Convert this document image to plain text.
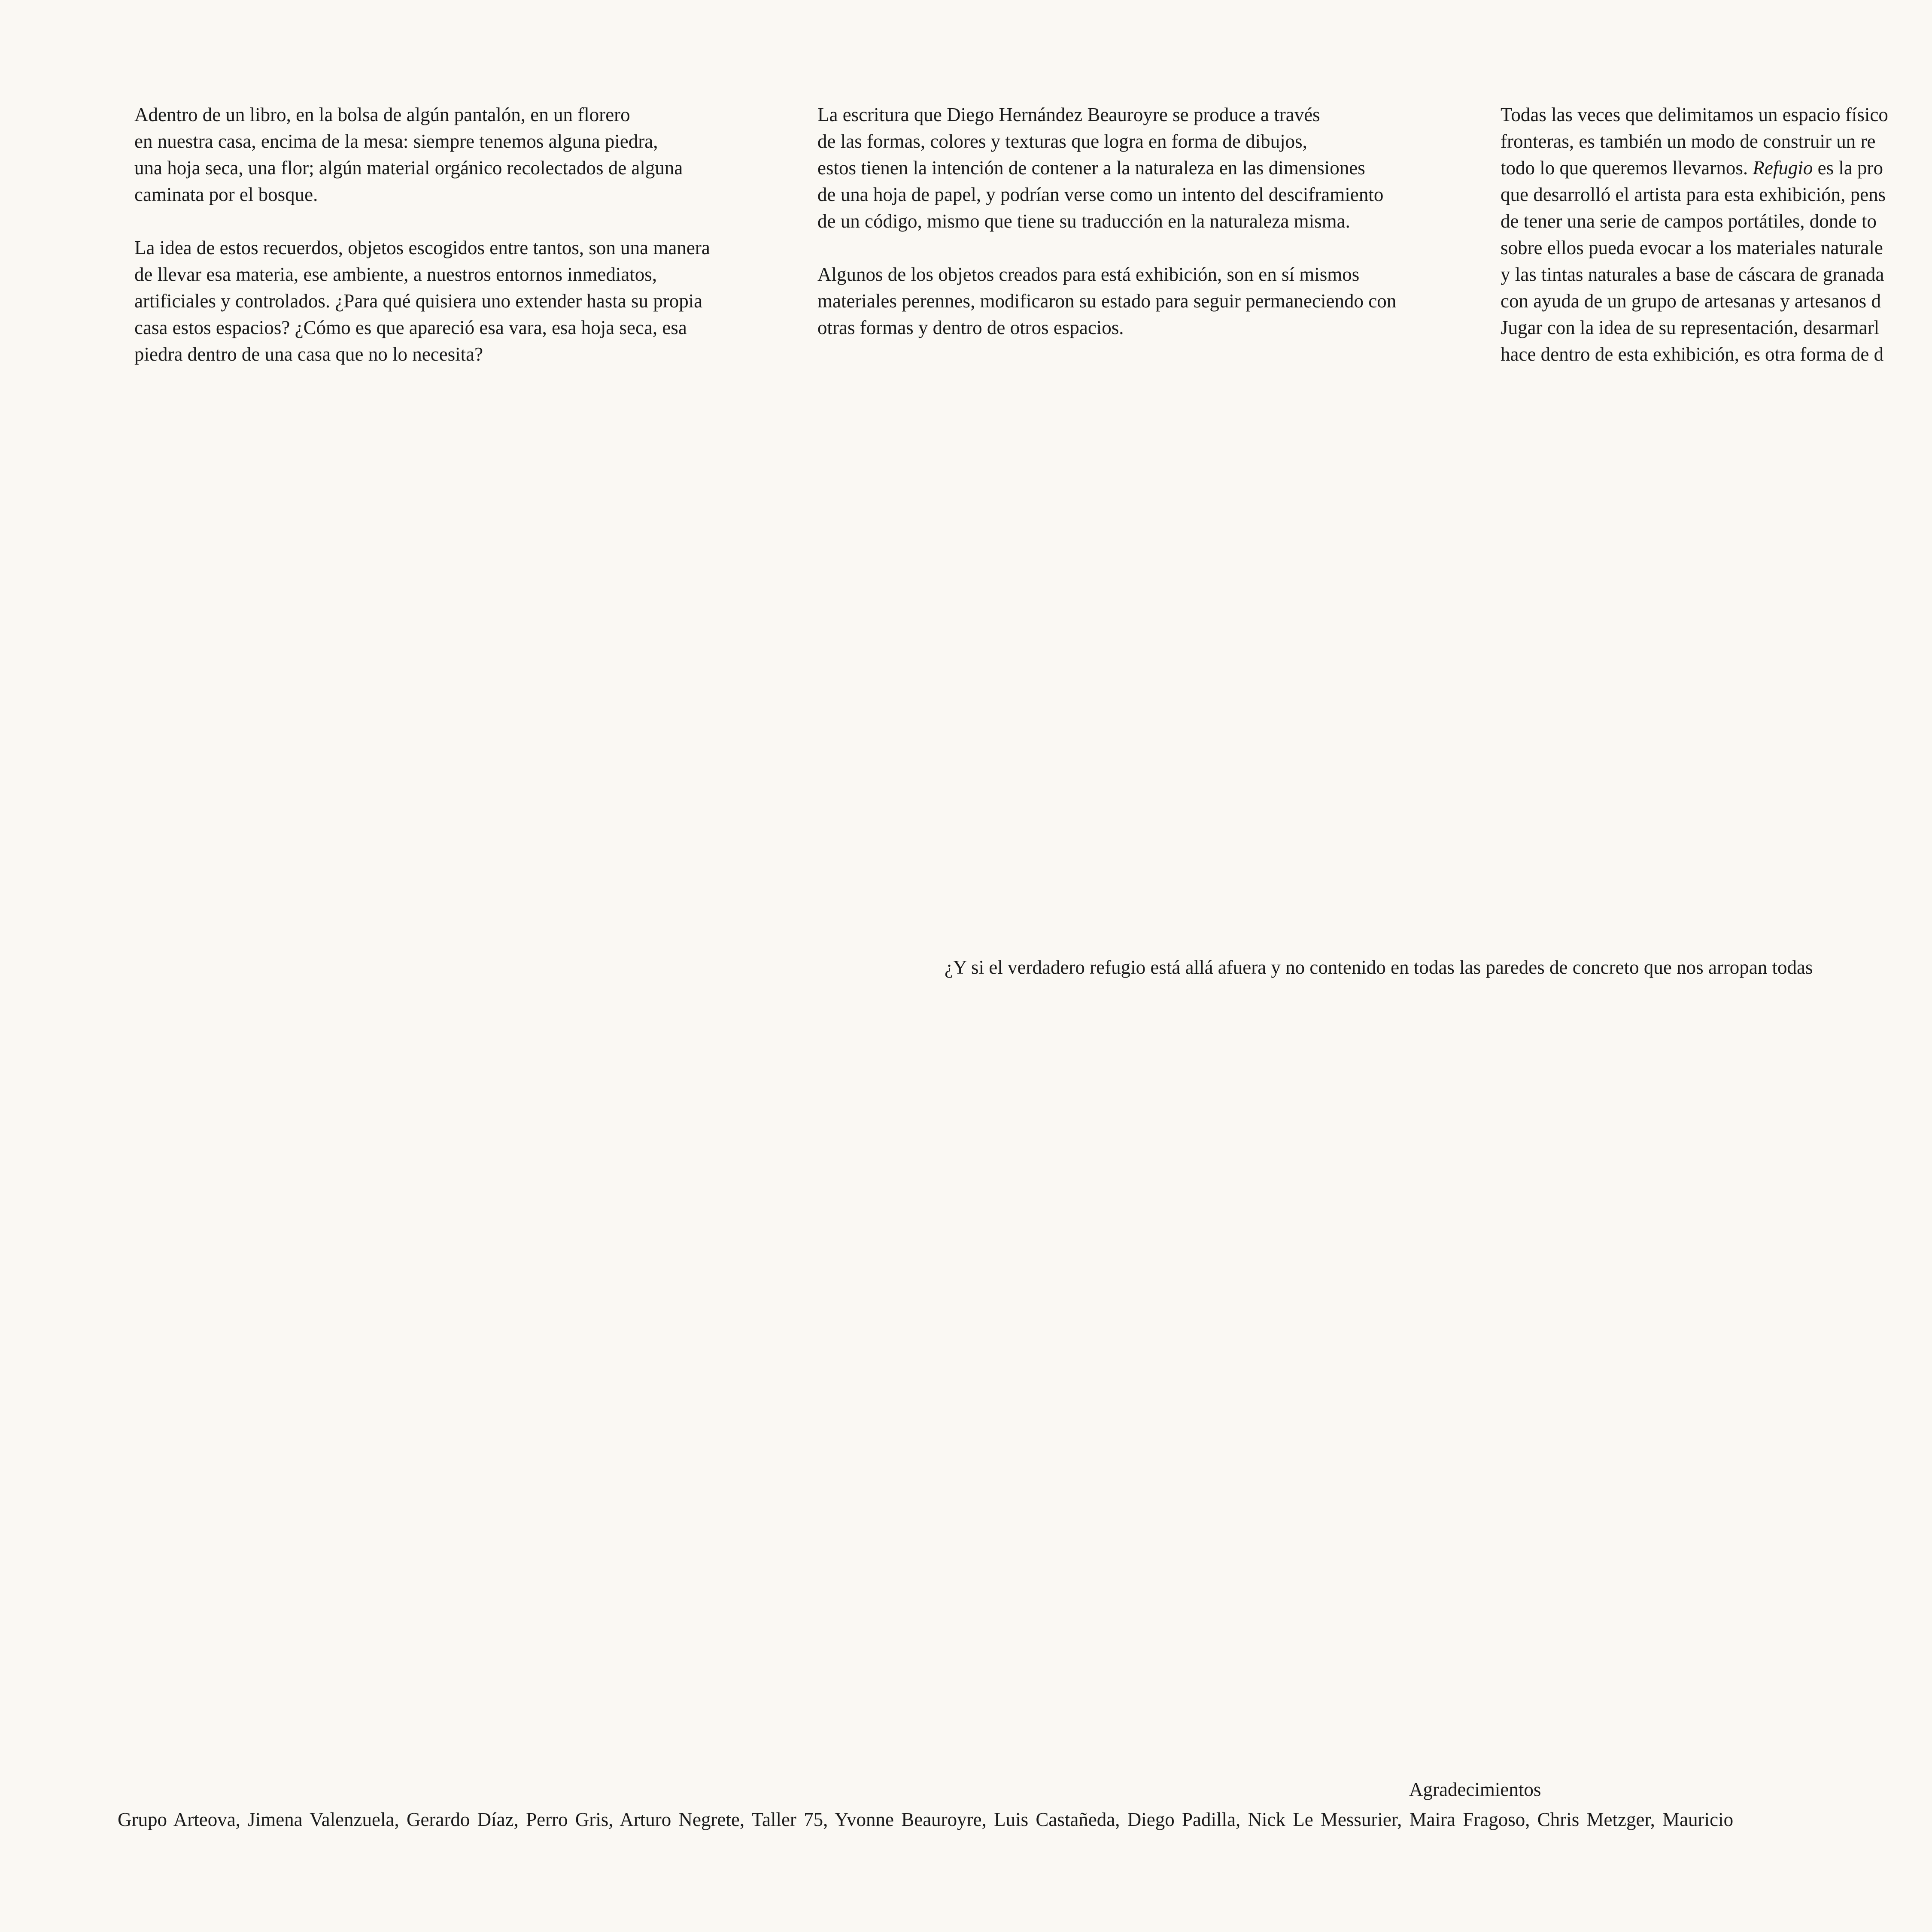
Adentro de un libro, en la bolsa de algún pantalón, en un florero
en nuestra casa, encima de la mesa: siempre tenemos alguna piedra,
una hoja seca, una flor; algún material orgánico recolectados de alguna
caminata por el bosque.

La idea de estos recuerdos, objetos escogidos entre tantos, son una manera
de llevar esa materia, ese ambiente, a nuestros entornos inmediatos,
artificiales y controlados. ¿Para qué quisiera uno extender hasta su propia
casa estos espacios? ¿Cómo es que apareció esa vara, esa hoja seca, esa
piedra dentro de una casa que no lo necesita?

La escritura que Diego Hernández Beauroyre se produce a través
de las formas, colores y texturas que logra en forma de dibujos,
estos tienen la intención de contener a la naturaleza en las dimensiones
de una hoja de papel, y podrían verse como un intento del desciframiento
de un código, mismo que tiene su traducción en la naturaleza misma.

Algunos de los objetos creados para está exhibición, son en sí mismos
materiales perennes, modificaron su estado para seguir permaneciendo con
otras formas y dentro de otros espacios.

Todas las veces que delimitamos un espacio físico
fronteras, es también un modo de construir un re
todo lo que queremos llevarnos. Refugio es la pro
que desarrolló el artista para esta exhibición, pens
de tener una serie de campos portátiles, donde to
sobre ellos pueda evocar a los materiales naturale
y las tintas naturales a base de cáscara de granada
con ayuda de un grupo de artesanas y artesanos d
Jugar con la idea de su representación, desarmarl
hace dentro de esta exhibición, es otra forma de d

¿Y si el verdadero refugio está allá afuera y no contenido en todas las paredes de concreto que nos arropan todas
Agradecimientos
Grupo Arteova, Jimena Valenzuela, Gerardo Díaz, Perro Gris, Arturo Negrete, Taller 75, Yvonne Beauroyre, Luis Castañeda, Diego Padilla, Nick Le Messurier, Maira Fragoso, Chris Metzger, Mauricio
